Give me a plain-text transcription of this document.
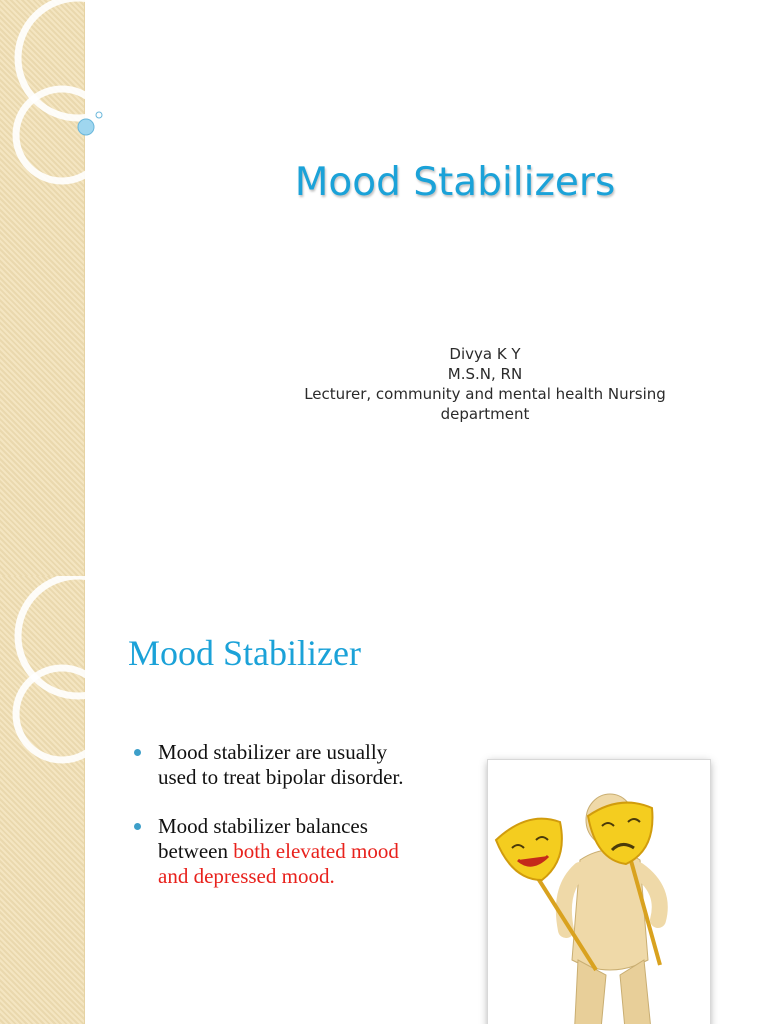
Mood Stabilizers
Divya K Y
M.S.N, RN
Lecturer, community and mental health Nursing
department
Mood Stabilizer
Mood stabilizer are usually used to treat bipolar disorder.
Mood stabilizer balances between both elevated mood and depressed mood.
